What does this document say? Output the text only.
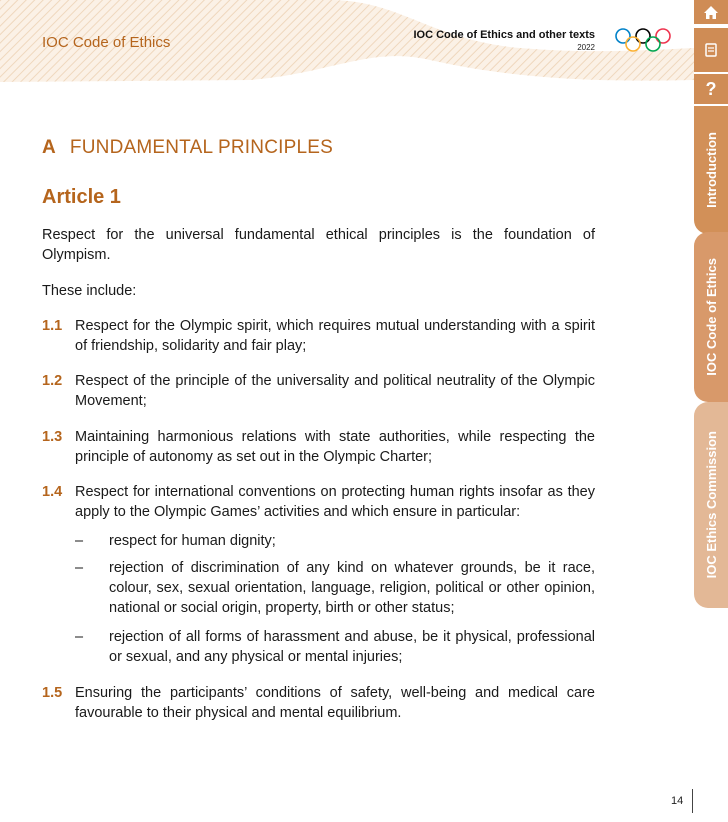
IOC Code of Ethics	IOC Code of Ethics and other texts
2022
?
Introduction
IOC Code of Ethics
IOC Ethics Commission
A FUNDAMENTAL PRINCIPLES
Article 1
Respect for the universal fundamental ethical principles is the foundation of Olympism.
These include:
1.1 Respect for the Olympic spirit, which requires mutual understanding with a spirit of friendship, solidarity and fair play;
1.2 Respect of the principle of the universality and political neutrality of the Olympic Movement;
1.3 Maintaining harmonious relations with state authorities, while respecting the principle of autonomy as set out in the Olympic Charter;
1.4 Respect for international conventions on protecting human rights insofar as they apply to the Olympic Games’ activities and which ensure in particular:
– respect for human dignity;
– rejection of discrimination of any kind on whatever grounds, be it race, colour, sex, sexual orientation, language, religion, political or other opinion, national or social origin, property, birth or other status;
– rejection of all forms of harassment and abuse, be it physical, professional or sexual, and any physical or mental injuries;
1.5 Ensuring the participants’ conditions of safety, well-being and medical care favourable to their physical and mental equilibrium.
14
